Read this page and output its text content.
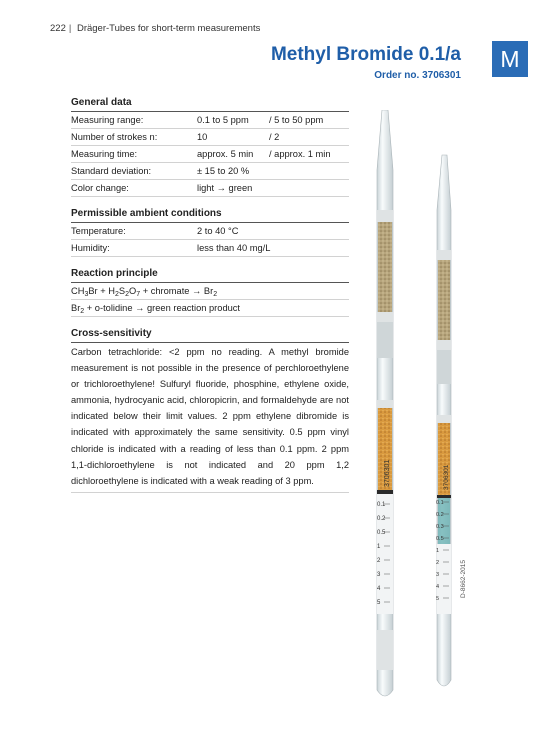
222 | Dräger-Tubes for short-term measurements
Methyl Bromide 0.1/a
Order no. 3706301
M
General data
Measuring range:	0.1 to 5 ppm	/ 5 to 50 ppm
Number of strokes n:	10	/ 2
Measuring time:	approx. 5 min	/ approx. 1 min
Standard deviation:	± 15 to 20 %
Color change:	light → green
Permissible ambient conditions
Temperature:	2 to 40 °C
Humidity:	less than 40 mg/L
Reaction principle
$CH_3Br + H_2S_2O_7$ + chromate → $Br_2$
$Br_2$ + o-tolidine → green reaction product
Cross-sensitivity
Carbon tetrachloride: <2 ppm no reading. A methyl bromide measurement is not possible in the presence of perchloroethylene or trichloroethylene! Sulfuryl fluoride, phosphine, ethylene oxide, ammonia, hydrocyanic acid, chloropicrin, and formaldehyde are not indicated below their limit values. 2 ppm ethylene dibromide is indicated with approximately the same sensitivity. 0.5 ppm vinyl chloride is indicated with a reading of less than 0.1 ppm. 2 ppm 1,1-dichloroethylene is not indicated and 20 ppm 1,2 dichloroethylene is indicated with a weak reading of 3 ppm.	3706301
0.1
0.2
0.5
1
2
3
4
5
3706301
0.1
0.2
0.3
0.5
1
2
3
4
5
D-8662-2015
